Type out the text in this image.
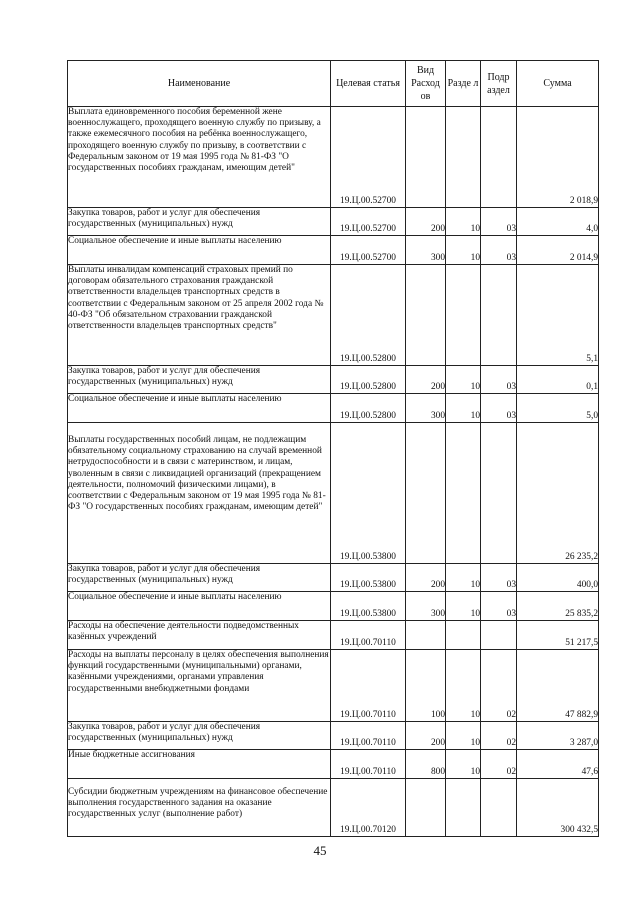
Наименование	Целевая статья	Вид Расход ов	Разде л	Подр аздел	Сумма
Выплата единовременного пособия беременной жене военнослужащего, проходящего военную службу по призыву, а также ежемесячного пособия на ребёнка военнослужащего, проходящего военную службу по призыву, в соответствии с Федеральным законом от 19 мая 1995 года № 81-ФЗ "О государственных пособиях гражданам, имеющим детей"	19.Ц.00.52700				2 018,9
Закупка товаров, работ и услуг для обеспечения государственных (муниципальных) нужд	19.Ц.00.52700	200	10	03	4,0
Социальное обеспечение и иные выплаты населению	19.Ц.00.52700	300	10	03	2 014,9
Выплаты инвалидам компенсаций страховых премий по договорам обязательного страхования гражданской ответственности владельцев транспортных средств в соответствии с Федеральным законом от 25 апреля 2002 года № 40-ФЗ "Об обязательном страховании гражданской ответственности владельцев транспортных средств"	19.Ц.00.52800				5,1
Закупка товаров, работ и услуг для обеспечения государственных (муниципальных) нужд	19.Ц.00.52800	200	10	03	0,1
Социальное обеспечение и иные выплаты населению	19.Ц.00.52800	300	10	03	5,0
Выплаты государственных пособий лицам, не подлежащим обязательному социальному страхованию на случай временной нетрудоспособности и в связи с материнством, и лицам, уволенным в связи с ликвидацией организаций (прекращением деятельности, полномочий физическими лицами), в соответствии с Федеральным законом от 19 мая 1995 года № 81-ФЗ "О государственных пособиях гражданам, имеющим детей"	19.Ц.00.53800				26 235,2
Закупка товаров, работ и услуг для обеспечения государственных (муниципальных) нужд	19.Ц.00.53800	200	10	03	400,0
Социальное обеспечение и иные выплаты населению	19.Ц.00.53800	300	10	03	25 835,2
Расходы на обеспечение деятельности подведомственных казённых учреждений	19.Ц.00.70110				51 217,5
Расходы на выплаты персоналу в целях обеспечения выполнения функций государственными (муниципальными) органами, казёнными учреждениями, органами управления государственными внебюджетными фондами	19.Ц.00.70110	100	10	02	47 882,9
Закупка товаров, работ и услуг для обеспечения государственных (муниципальных) нужд	19.Ц.00.70110	200	10	02	3 287,0
Иные бюджетные ассигнования	19.Ц.00.70110	800	10	02	47,6
Субсидии бюджетным учреждениям на финансовое обеспечение выполнения государственного задания на оказание государственных услуг (выполнение работ)	19.Ц.00.70120				300 432,5
45
